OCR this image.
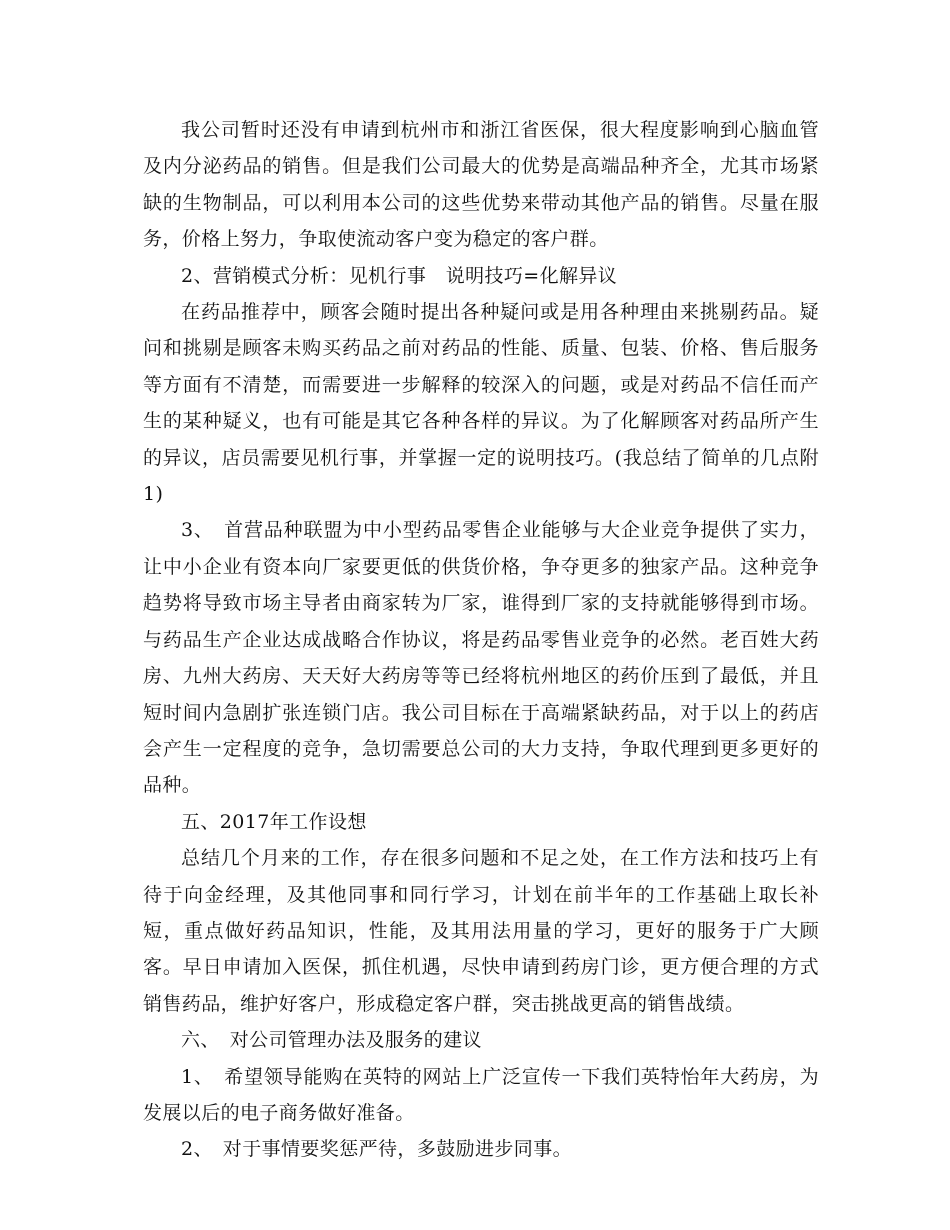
我公司暂时还没有申请到杭州市和浙江省医保，很大程度影响到心脑血管及内分泌药品的销售。但是我们公司最大的优势是高端品种齐全，尤其市场紧缺的生物制品，可以利用本公司的这些优势来带动其他产品的销售。尽量在服务，价格上努力，争取使流动客户变为稳定的客户群。

2、营销模式分析：见机行事　说明技巧=化解异议

在药品推荐中，顾客会随时提出各种疑问或是用各种理由来挑剔药品。疑问和挑剔是顾客未购买药品之前对药品的性能、质量、包装、价格、售后服务等方面有不清楚，而需要进一步解释的较深入的问题，或是对药品不信任而产生的某种疑义，也有可能是其它各种各样的异议。为了化解顾客对药品所产生的异议，店员需要见机行事，并掌握一定的说明技巧。(我总结了简单的几点附1)

3、　首营品种联盟为中小型药品零售企业能够与大企业竞争提供了实力，让中小企业有资本向厂家要更低的供货价格，争夺更多的独家产品。这种竞争趋势将导致市场主导者由商家转为厂家，谁得到厂家的支持就能够得到市场。与药品生产企业达成战略合作协议，将是药品零售业竞争的必然。老百姓大药房、九州大药房、天天好大药房等等已经将杭州地区的药价压到了最低，并且短时间内急剧扩张连锁门店。我公司目标在于高端紧缺药品，对于以上的药店会产生一定程度的竞争，急切需要总公司的大力支持，争取代理到更多更好的品种。

五、2017年工作设想

总结几个月来的工作，存在很多问题和不足之处，在工作方法和技巧上有待于向金经理，及其他同事和同行学习，计划在前半年的工作基础上取长补短，重点做好药品知识，性能，及其用法用量的学习，更好的服务于广大顾客。早日申请加入医保，抓住机遇，尽快申请到药房门诊，更方便合理的方式销售药品，维护好客户，形成稳定客户群，突击挑战更高的销售战绩。

六、　对公司管理办法及服务的建议

1、　希望领导能购在英特的网站上广泛宣传一下我们英特怡年大药房，为发展以后的电子商务做好准备。

2、　对于事情要奖惩严待，多鼓励进步同事。
